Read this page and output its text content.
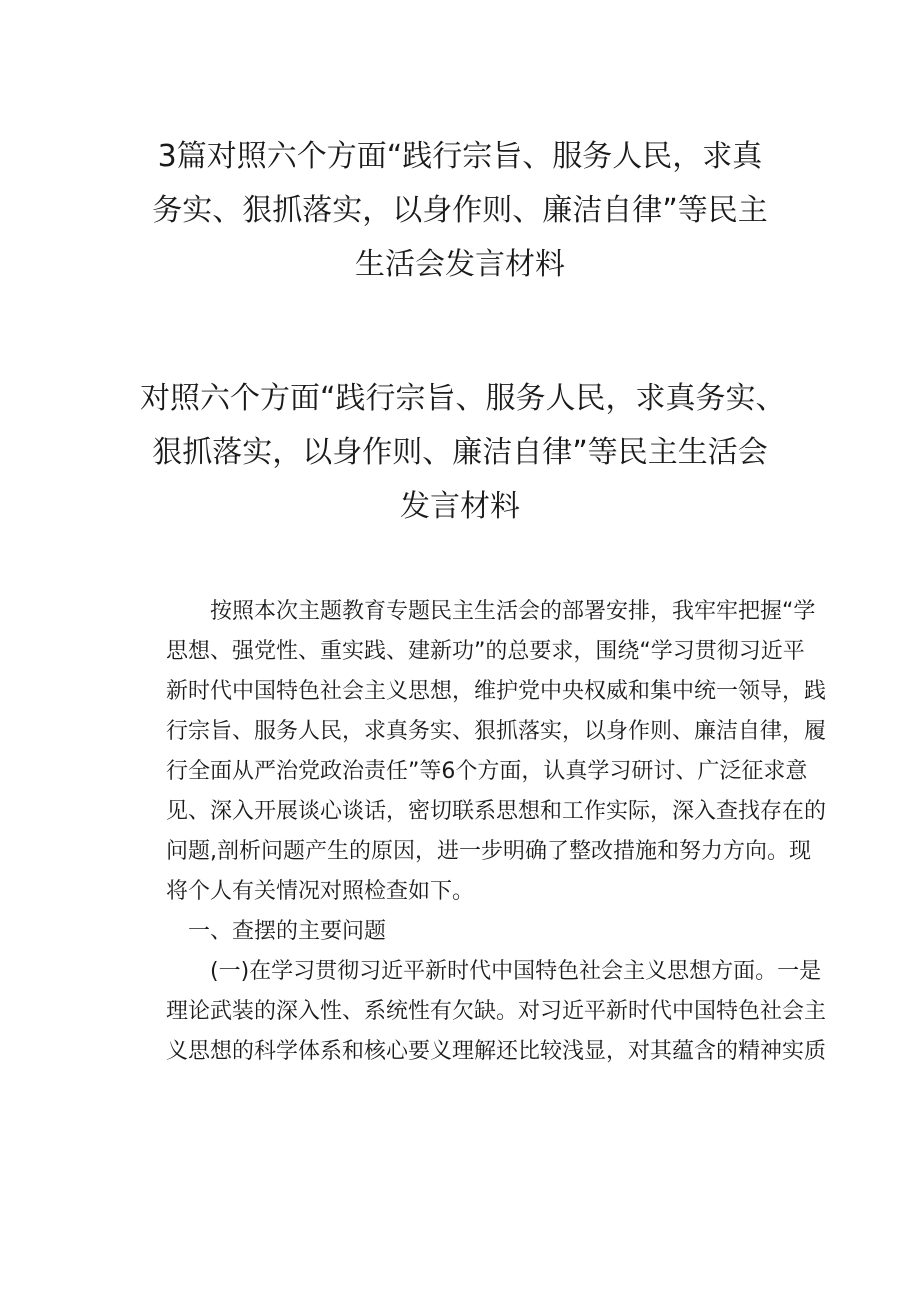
3篇对照六个方面“践行宗旨、服务人民，求真
务实、狠抓落实，以身作则、廉洁自律”等民主
生活会发言材料
对照六个方面“践行宗旨、服务人民，求真务实、
狠抓落实，以身作则、廉洁自律”等民主生活会
发言材料
　　按照本次主题教育专题民主生活会的部署安排，我牢牢把握“学
思想、强党性、重实践、建新功”的总要求，围绕“学习贯彻习近平
新时代中国特色社会主义思想，维护党中央权威和集中统一领导，践
行宗旨、服务人民，求真务实、狠抓落实，以身作则、廉洁自律，履
行全面从严治党政治责任”等6个方面，认真学习研讨、广泛征求意
见、深入开展谈心谈话，密切联系思想和工作实际，深入查找存在的
问题,剖析问题产生的原因，进一步明确了整改措施和努力方向。现
将个人有关情况对照检查如下。
　一、查摆的主要问题
　　(一)在学习贯彻习近平新时代中国特色社会主义思想方面。一是
理论武装的深入性、系统性有欠缺。对习近平新时代中国特色社会主
义思想的科学体系和核心要义理解还比较浅显，对其蕴含的精神实质
